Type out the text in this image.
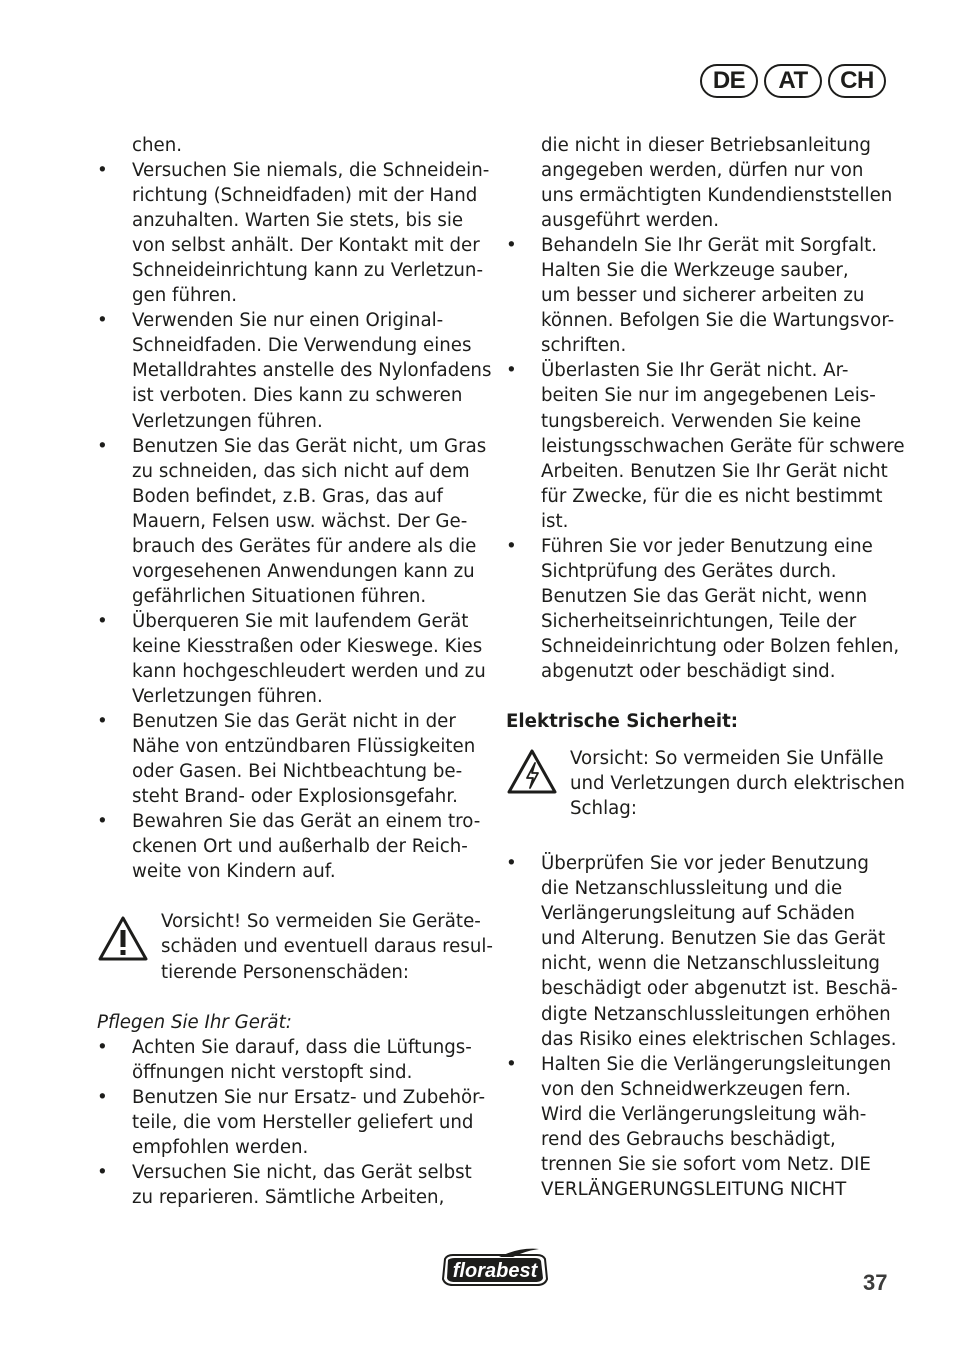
DE	AT	CH
chen.
• Versuchen Sie niemals, die Schneidein-
richtung (Schneidfaden) mit der Hand
anzuhalten. Warten Sie stets, bis sie
von selbst anhält. Der Kontakt mit der
Schneideinrichtung kann zu Verletzun-
gen führen.
• Verwenden Sie nur einen Original-
Schneidfaden. Die Verwendung eines
Metalldrahtes anstelle des Nylonfadens
ist verboten. Dies kann zu schweren
Verletzungen führen.
• Benutzen Sie das Gerät nicht, um Gras
zu schneiden, das sich nicht auf dem
Boden befindet, z.B. Gras, das auf
Mauern, Felsen usw. wächst. Der Ge-
brauch des Gerätes für andere als die
vorgesehenen Anwendungen kann zu
gefährlichen Situationen führen.
• Überqueren Sie mit laufendem Gerät
keine Kiesstraßen oder Kieswege. Kies
kann hochgeschleudert werden und zu
Verletzungen führen.
• Benutzen Sie das Gerät nicht in der
Nähe von entzündbaren Flüssigkeiten
oder Gasen. Bei Nichtbeachtung be-
steht Brand- oder Explosionsgefahr.
• Bewahren Sie das Gerät an einem tro-
ckenen Ort und außerhalb der Reich-
weite von Kindern auf.
Vorsicht! So vermeiden Sie Geräte-
schäden und eventuell daraus resul-
tierende Personenschäden:
Pflegen Sie Ihr Gerät:
• Achten Sie darauf, dass die Lüftungs-
öffnungen nicht verstopft sind.
• Benutzen Sie nur Ersatz- und Zubehör-
teile, die vom Hersteller geliefert und
empfohlen werden.
• Versuchen Sie nicht, das Gerät selbst
zu reparieren. Sämtliche Arbeiten,
die nicht in dieser Betriebsanleitung
angegeben werden, dürfen nur von
uns ermächtigten Kundendienststellen
ausgeführt werden.
• Behandeln Sie Ihr Gerät mit Sorgfalt.
Halten Sie die Werkzeuge sauber,
um besser und sicherer arbeiten zu
können. Befolgen Sie die Wartungsvor-
schriften.
• Überlasten Sie Ihr Gerät nicht. Ar-
beiten Sie nur im angegebenen Leis-
tungsbereich. Verwenden Sie keine
leistungsschwachen Geräte für schwere
Arbeiten. Benutzen Sie Ihr Gerät nicht
für Zwecke, für die es nicht bestimmt
ist.
• Führen Sie vor jeder Benutzung eine
Sichtprüfung des Gerätes durch.
Benutzen Sie das Gerät nicht, wenn
Sicherheitseinrichtungen, Teile der
Schneideinrichtung oder Bolzen fehlen,
abgenutzt oder beschädigt sind.
Elektrische Sicherheit:
Vorsicht: So vermeiden Sie Unfälle
und Verletzungen durch elektrischen
Schlag:
• Überprüfen Sie vor jeder Benutzung
die Netzanschlussleitung und die
Verlängerungsleitung auf Schäden
und Alterung. Benutzen Sie das Gerät
nicht, wenn die Netzanschlussleitung
beschädigt oder abgenutzt ist. Beschä-
digte Netzanschlussleitungen erhöhen
das Risiko eines elektrischen Schlages.
• Halten Sie die Verlängerungsleitungen
von den Schneidwerkzeugen fern.
Wird die Verlängerungsleitung wäh-
rend des Gebrauchs beschädigt,
trennen Sie sie sofort vom Netz. DIE
VERLÄNGERUNGSLEITUNG NICHT
florabest	37
